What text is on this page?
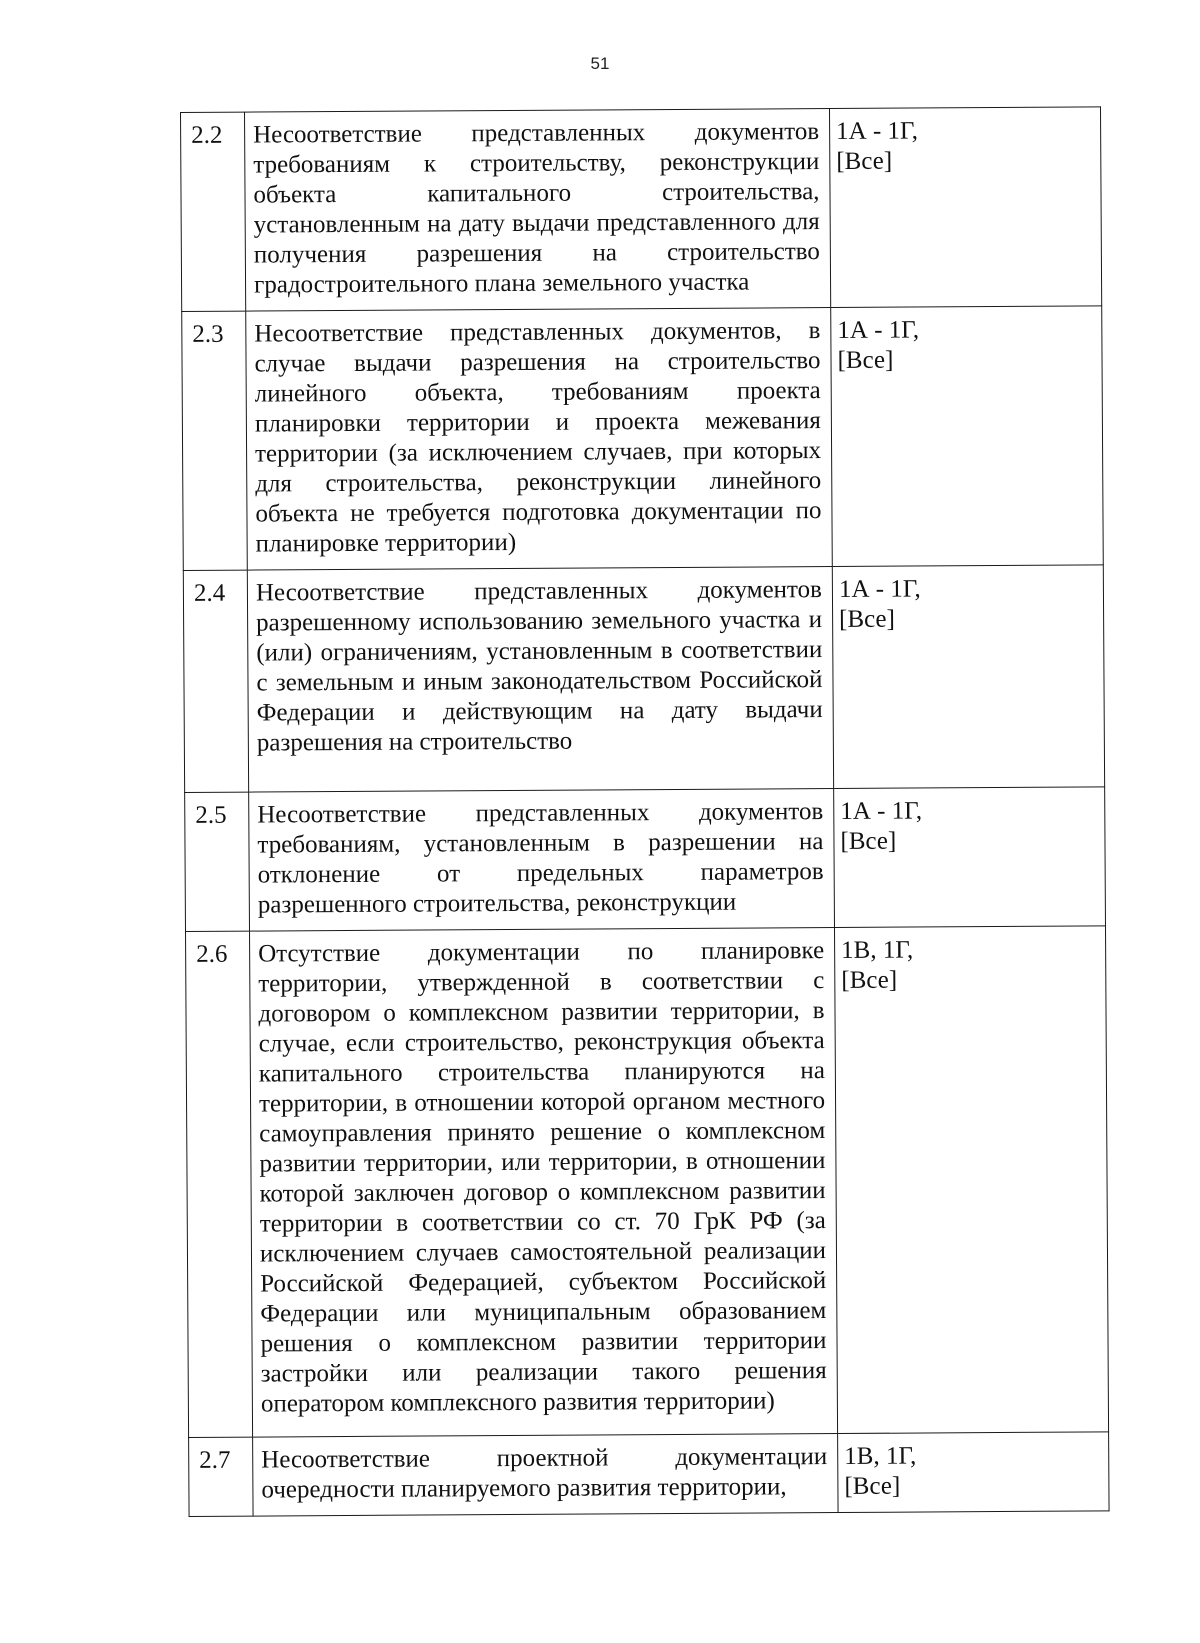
51
2.2	Несоответствие представленных документов требованиям к строительству, реконструкции объекта капитального строительства, установленным на дату выдачи представленного для получения разрешения на строительство градостроительного плана земельного участка	1А - 1Г,
[Все]

2.3	Несоответствие представленных документов, в случае выдачи разрешения на строительство линейного объекта, требованиям проекта планировки территории и проекта межевания территории (за исключением случаев, при которых для строительства, реконструкции линейного объекта не требуется подготовка документации по планировке территории)	1А - 1Г,
[Все]

2.4	Несоответствие представленных документов разрешенному использованию земельного участка и (или) ограничениям, установленным в соответствии с земельным и иным законодательством Российской Федерации и действующим на дату выдачи разрешения на строительство	1А - 1Г,
[Все]

2.5	Несоответствие представленных документов требованиям, установленным в разрешении на отклонение от предельных параметров разрешенного строительства, реконструкции	1А - 1Г,
[Все]

2.6	Отсутствие документации по планировке территории, утвержденной в соответствии с договором о комплексном развитии территории, в случае, если строительство, реконструкция объекта капитального строительства планируются на территории, в отношении которой органом местного самоуправления принято решение о комплексном развитии территории, или территории, в отношении которой заключен договор о комплексном развитии территории в соответствии со ст. 70 ГрК РФ (за исключением случаев самостоятельной реализации Российской Федерацией, субъектом Российской Федерации или муниципальным образованием решения о комплексном развитии территории застройки или реализации такого решения оператором комплексного развития территории)	1В, 1Г,
[Все]

2.7	Несоответствие проектной документации очередности планируемого развития территории,	1В, 1Г,
[Все]
